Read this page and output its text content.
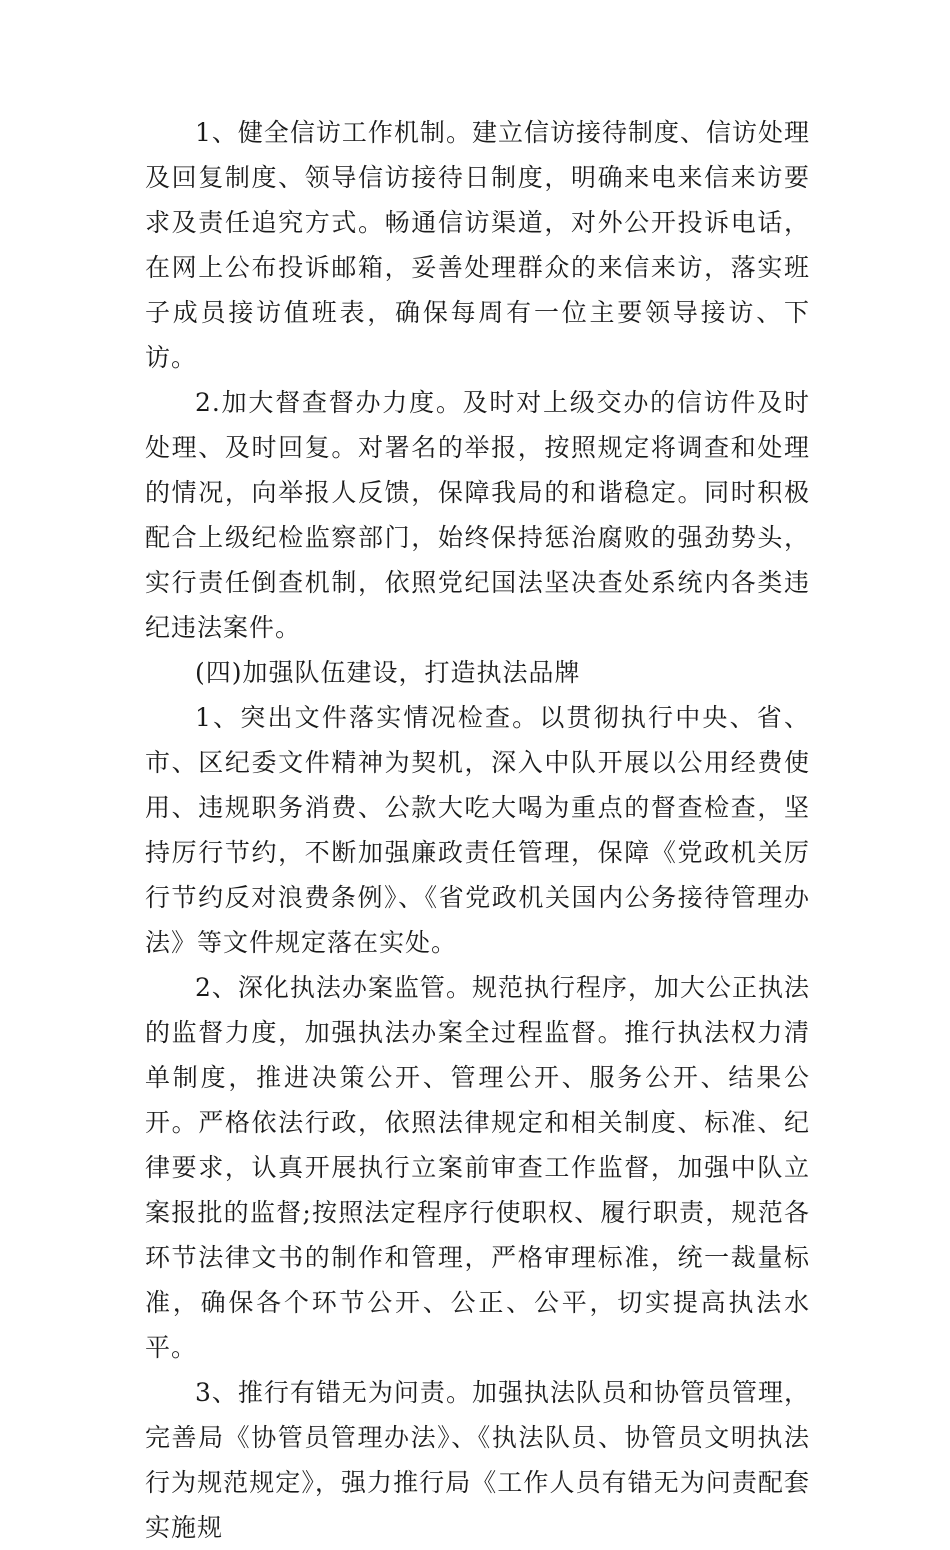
1、健全信访工作机制。建立信访接待制度、信访处理及回复制度、领导信访接待日制度，明确来电来信来访要求及责任追究方式。畅通信访渠道，对外公开投诉电话，在网上公布投诉邮箱，妥善处理群众的来信来访，落实班子成员接访值班表，确保每周有一位主要领导接访、下访。

2.加大督查督办力度。及时对上级交办的信访件及时处理、及时回复。对署名的举报，按照规定将调查和处理的情况，向举报人反馈，保障我局的和谐稳定。同时积极配合上级纪检监察部门，始终保持惩治腐败的强劲势头，实行责任倒查机制，依照党纪国法坚决查处系统内各类违纪违法案件。

(四)加强队伍建设，打造执法品牌

1、突出文件落实情况检查。以贯彻执行中央、省、市、区纪委文件精神为契机，深入中队开展以公用经费使用、违规职务消费、公款大吃大喝为重点的督查检查，坚持厉行节约，不断加强廉政责任管理，保障《党政机关厉行节约反对浪费条例》、《省党政机关国内公务接待管理办法》等文件规定落在实处。

2、深化执法办案监管。规范执行程序，加大公正执法的监督力度，加强执法办案全过程监督。推行执法权力清单制度，推进决策公开、管理公开、服务公开、结果公开。严格依法行政，依照法律规定和相关制度、标准、纪律要求，认真开展执行立案前审查工作监督，加强中队立案报批的监督;按照法定程序行使职权、履行职责，规范各环节法律文书的制作和管理，严格审理标准，统一裁量标准，确保各个环节公开、公正、公平，切实提高执法水平。

3、推行有错无为问责。加强执法队员和协管员管理，完善局《协管员管理办法》、《执法队员、协管员文明执法行为规范规定》，强力推行局《工作人员有错无为问责配套实施规
